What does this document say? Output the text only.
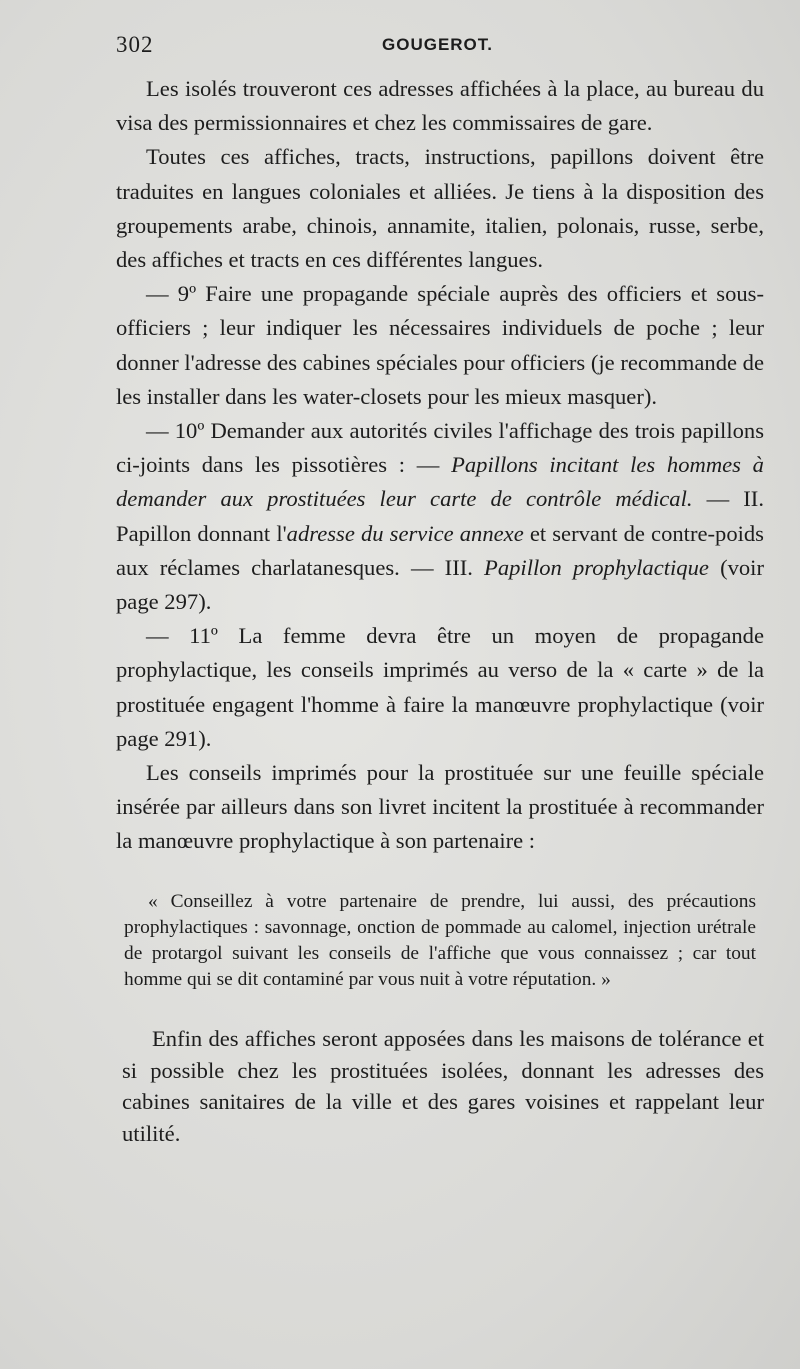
302	GOUGEROT.

Les isolés trouveront ces adresses affichées à la place, au bureau du visa des permissionnaires et chez les commissaires de gare.

Toutes ces affiches, tracts, instructions, papillons doivent être traduites en langues coloniales et alliées. Je tiens à la disposition des groupements arabe, chinois, annamite, italien, polonais, russe, serbe, des affiches et tracts en ces différentes langues.

— 9º Faire une propagande spéciale auprès des officiers et sous-officiers ; leur indiquer les nécessaires individuels de poche ; leur donner l'adresse des cabines spéciales pour officiers (je recommande de les installer dans les water-closets pour les mieux masquer).

— 10º Demander aux autorités civiles l'affichage des trois papillons ci-joints dans les pissotières : — Papillons incitant les hommes à demander aux prostituées leur carte de contrôle médical. — II. Papillon donnant l'adresse du service annexe et servant de contre-poids aux réclames charlatanesques. — III. Papillon prophylactique (voir page 297).

— 11º La femme devra être un moyen de propagande prophylactique, les conseils imprimés au verso de la « carte » de la prostituée engagent l'homme à faire la manœuvre prophylactique (voir page 291).

Les conseils imprimés pour la prostituée sur une feuille spéciale insérée par ailleurs dans son livret incitent la prostituée à recommander la manœuvre prophylactique à son partenaire :

« Conseillez à votre partenaire de prendre, lui aussi, des précautions prophylactiques : savonnage, onction de pommade au calomel, injection urétrale de protargol suivant les conseils de l'affiche que vous connaissez ; car tout homme qui se dit contaminé par vous nuit à votre réputation. »
Enfin des affiches seront apposées dans les maisons de tolérance et si possible chez les prostituées isolées, donnant les adresses des cabines sanitaires de la ville et des gares voisines et rappelant leur utilité.
